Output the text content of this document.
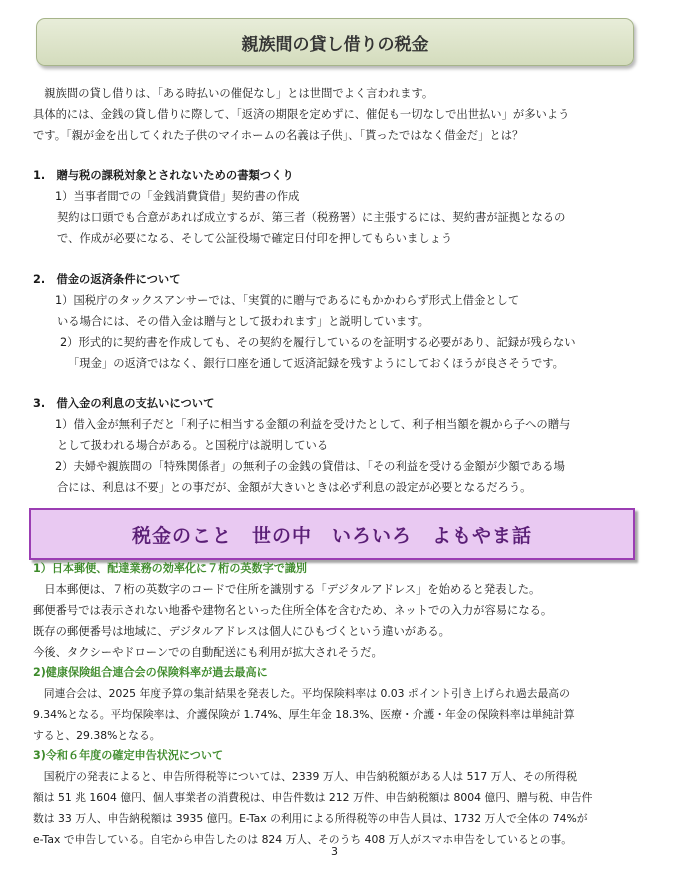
親族間の貸し借りの税金
　親族間の貸し借りは、「ある時払いの催促なし」とは世間でよく言われます。
具体的には、金銭の貸し借りに際して、「返済の期限を定めずに、催促も一切なしで出世払い」が多いよう
です。「親が金を出してくれた子供のマイホームの名義は子供」、「貰ったではなく借金だ」とは？
1.　贈与税の課税対象とされないための書類つくり
1）当事者間での「金銭消費貸借」契約書の作成
契約は口頭でも合意があれば成立するが、第三者（税務署）に主張するには、契約書が証拠となるの
で、作成が必要になる、そして公証役場で確定日付印を押してもらいましょう
2.　借金の返済条件について
1）国税庁のタックスアンサーでは、「実質的に贈与であるにもかかわらず形式上借金として
いる場合には、その借入金は贈与として扱われます」と説明しています。
2）形式的に契約書を作成しても、その契約を履行しているのを証明する必要があり、記録が残らない
「現金」の返済ではなく、銀行口座を通して返済記録を残すようにしておくほうが良さそうです。
3.　借入金の利息の支払いについて
1）借入金が無利子だと「利子に相当する金額の利益を受けたとして、利子相当額を親から子への贈与
として扱われる場合がある。と国税庁は説明している
2）夫婦や親族間の「特殊関係者」の無利子の金銭の貸借は、「その利益を受ける金額が少額である場
合には、利息は不要」との事だが、金額が大きいときは必ず利息の設定が必要となるだろう。
税金のこと　世の中　いろいろ　よもやま話
1）日本郵便、配達業務の効率化に７桁の英数字で識別
　日本郵便は、７桁の英数字のコードで住所を識別する「デジタルアドレス」を始めると発表した。
郵便番号では表示されない地番や建物名といった住所全体を含むため、ネットでの入力が容易になる。
既存の郵便番号は地域に、デジタルアドレスは個人にひもづくという違いがある。
今後、タクシーやドローンでの自動配送にも利用が拡大されそうだ。
2)健康保険組合連合会の保険料率が過去最高に
　同連合会は、2025 年度予算の集計結果を発表した。平均保険料率は 0.03 ポイント引き上げられ過去最高の
9.34%となる。平均保険率は、介護保険が 1.74%、厚生年金 18.3%、医療・介護・年金の保険料率は単純計算
すると、29.38%となる。
3)令和６年度の確定申告状況について
　国税庁の発表によると、申告所得税等については、2339 万人、申告納税額がある人は 517 万人、その所得税
額は 51 兆 1604 億円、個人事業者の消費税は、申告件数は 212 万件、申告納税額は 8004 億円、贈与税、申告件
数は 33 万人、申告納税額は 3935 億円。E-Tax の利用による所得税等の申告人員は、1732 万人で全体の 74%が
e-Tax で申告している。自宅から申告したのは 824 万人、そのうち 408 万人がスマホ申告をしているとの事。
3
